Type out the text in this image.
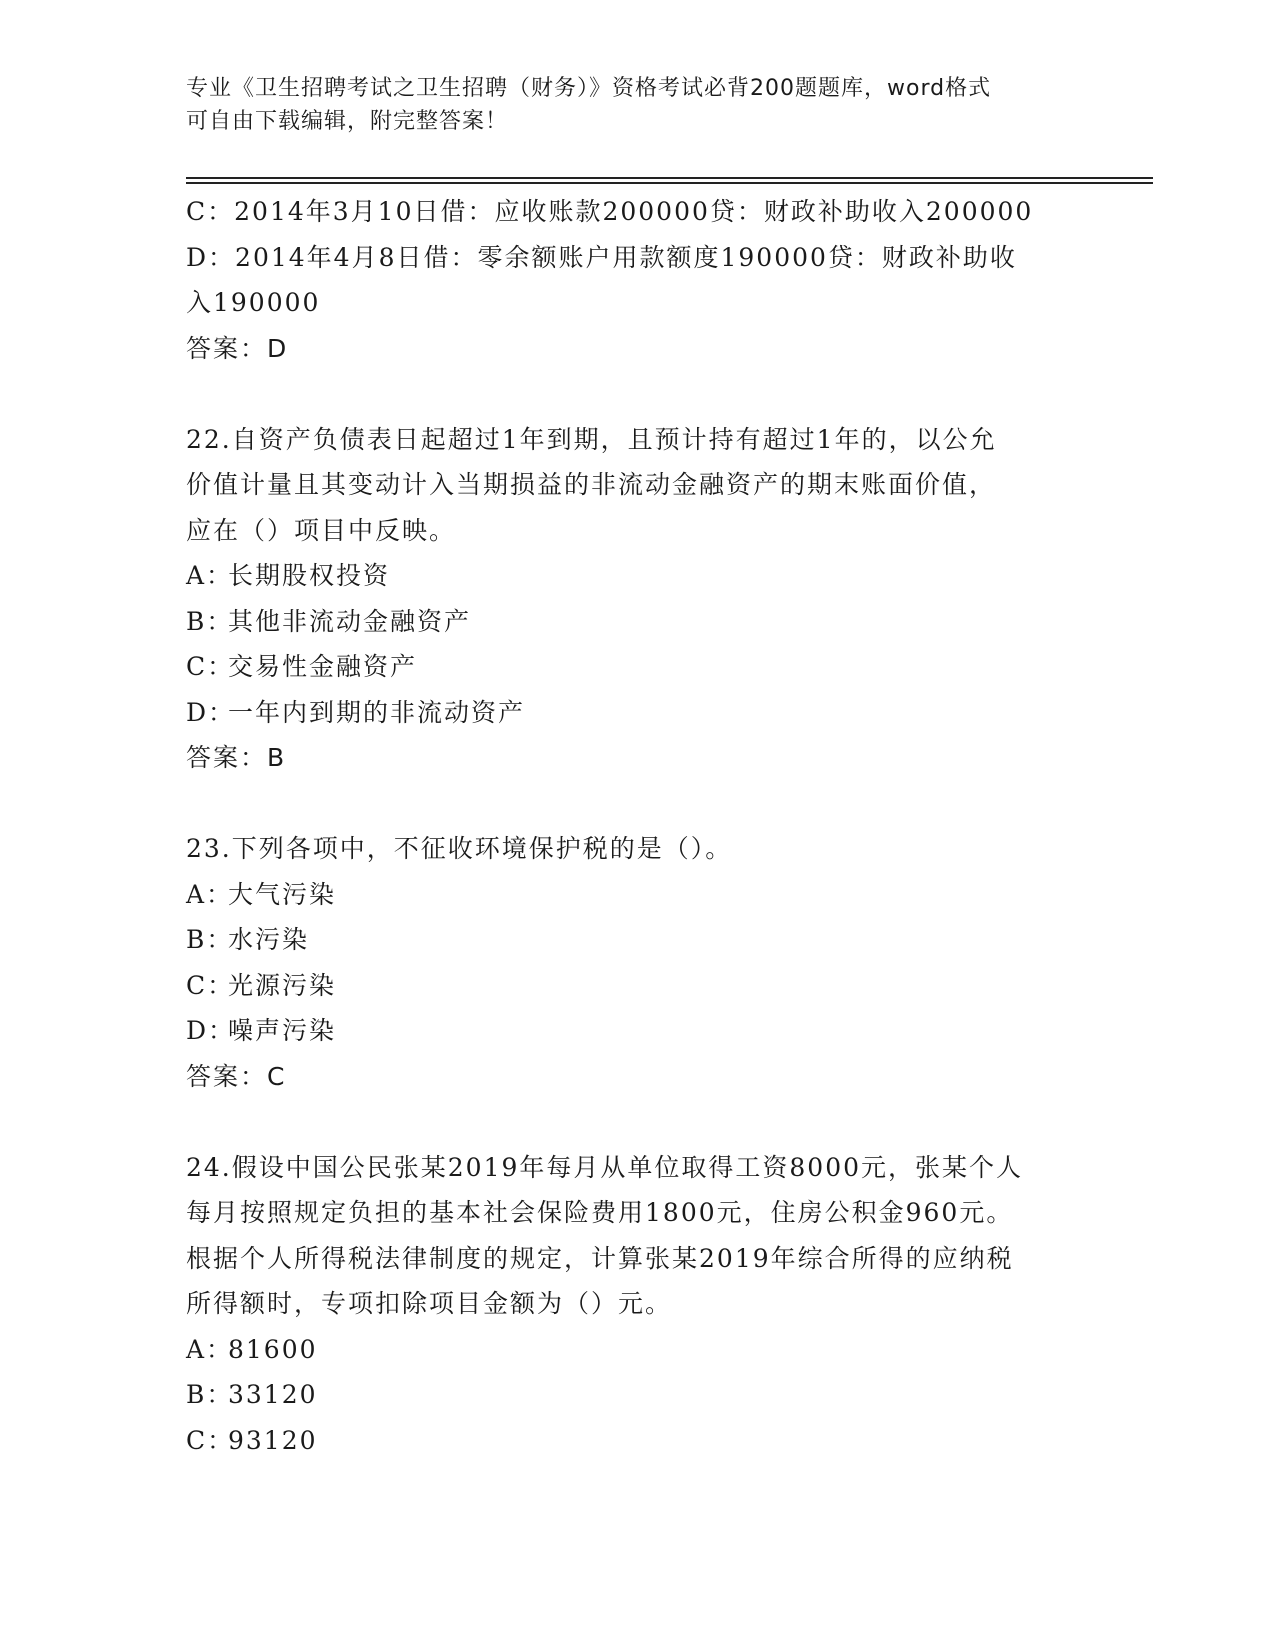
专业《卫生招聘考试之卫生招聘（财务）》资格考试必背200题题库，word格式
可自由下载编辑，附完整答案！
C：2014年3月10日借：应收账款200000贷：财政补助收入200000
D：2014年4月8日借：零余额账户用款额度190000贷：财政补助收
入190000
答案：D
22.自资产负债表日起超过1年到期，且预计持有超过1年的，以公允
价值计量且其变动计入当期损益的非流动金融资产的期末账面价值，
应在（）项目中反映。
A：长期股权投资
B：其他非流动金融资产
C：交易性金融资产
D：一年内到期的非流动资产
答案：B
23.下列各项中，不征收环境保护税的是（）。
A：大气污染
B：水污染
C：光源污染
D：噪声污染
答案：C
24.假设中国公民张某2019年每月从单位取得工资8000元，张某个人
每月按照规定负担的基本社会保险费用1800元，住房公积金960元。
根据个人所得税法律制度的规定，计算张某2019年综合所得的应纳税
所得额时，专项扣除项目金额为（）元。
A：81600
B：33120
C：93120
